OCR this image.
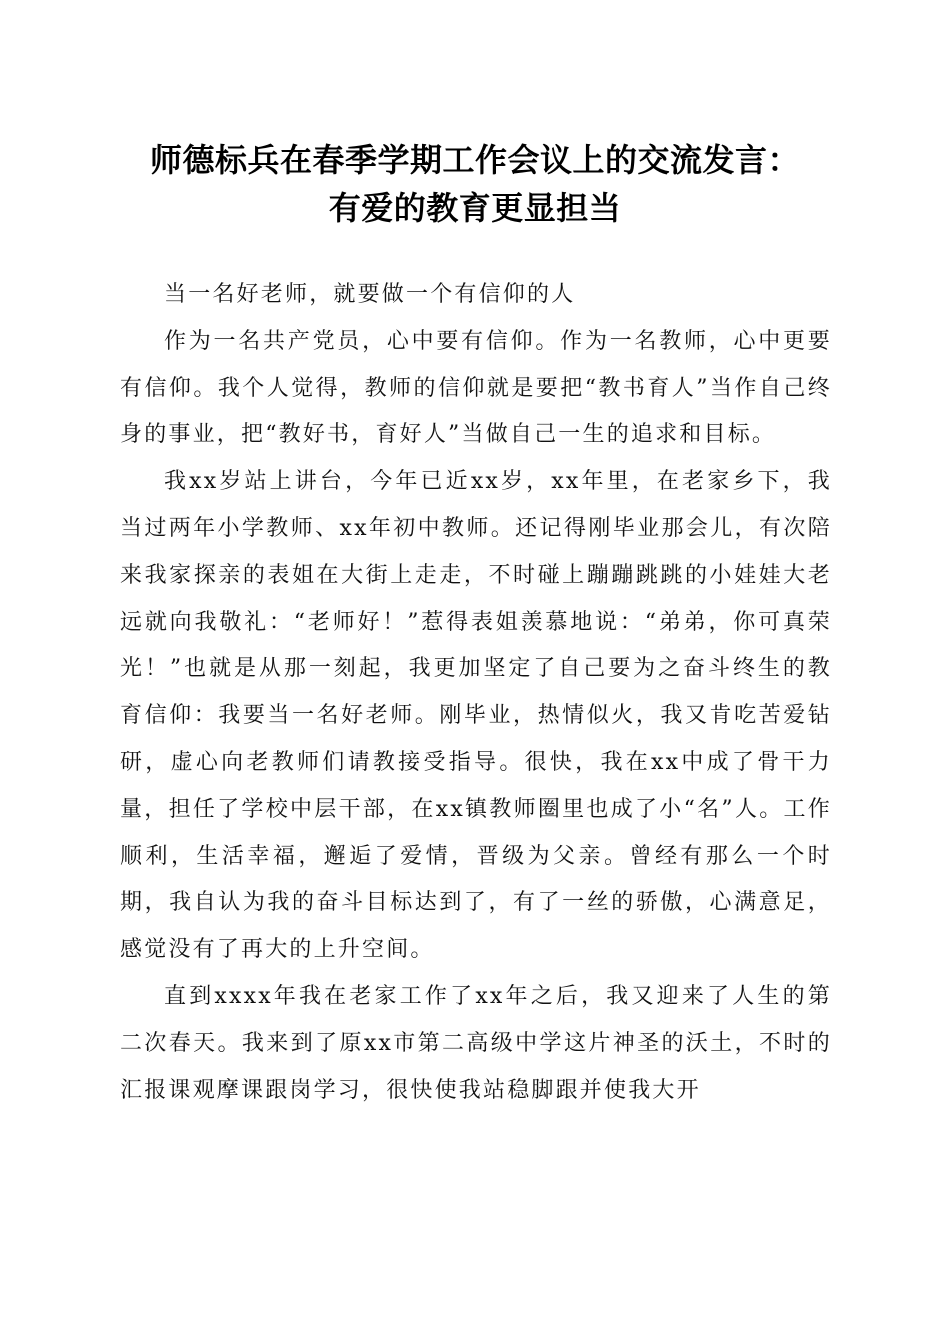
师德标兵在春季学期工作会议上的交流发言：
有爱的教育更显担当

当一名好老师，就要做一个有信仰的人

作为一名共产党员，心中要有信仰。作为一名教师，心中更要有信仰。我个人觉得，教师的信仰就是要把“教书育人”当作自己终身的事业，把“教好书，育好人”当做自己一生的追求和目标。

我xx岁站上讲台，今年已近xx岁，xx年里，在老家乡下，我当过两年小学教师、xx年初中教师。还记得刚毕业那会儿，有次陪来我家探亲的表姐在大街上走走，不时碰上蹦蹦跳跳的小娃娃大老远就向我敬礼：“老师好！”惹得表姐羡慕地说：“弟弟，你可真荣光！”也就是从那一刻起，我更加坚定了自己要为之奋斗终生的教育信仰：我要当一名好老师。刚毕业，热情似火，我又肯吃苦爱钻研，虚心向老教师们请教接受指导。很快，我在xx中成了骨干力量，担任了学校中层干部，在xx镇教师圈里也成了小“名”人。工作顺利，生活幸福，邂逅了爱情，晋级为父亲。曾经有那么一个时期，我自认为我的奋斗目标达到了，有了一丝的骄傲，心满意足，感觉没有了再大的上升空间。

直到xxxx年我在老家工作了xx年之后，我又迎来了人生的第二次春天。我来到了原xx市第二高级中学这片神圣的沃土，不时的汇报课观摩课跟岗学习，很快使我站稳脚跟并使我大开
